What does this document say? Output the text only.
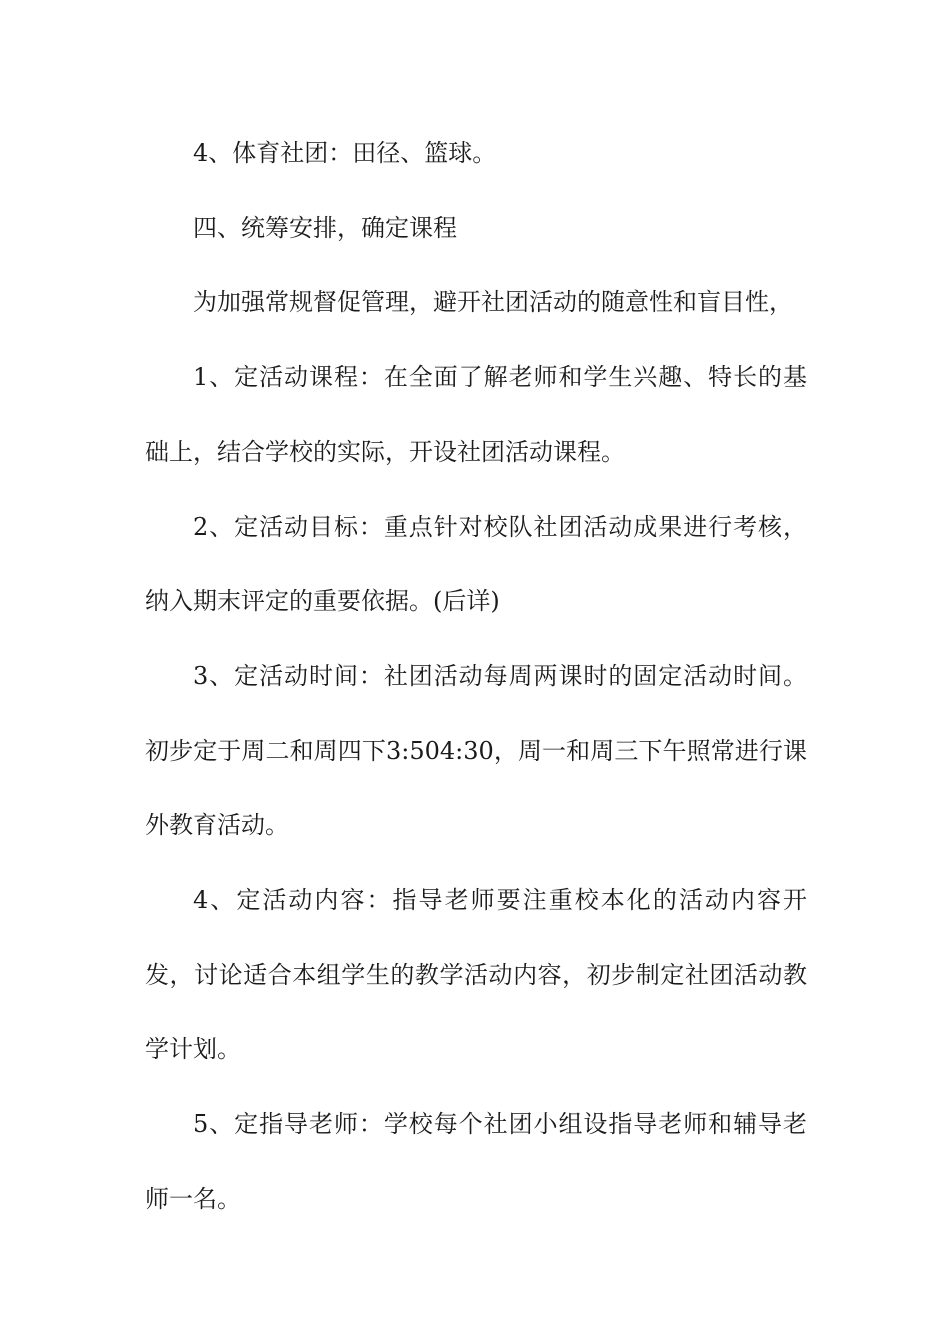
4、体育社团：田径、篮球。

四、统筹安排，确定课程

为加强常规督促管理，避开社团活动的随意性和盲目性，

1、定活动课程：在全面了解老师和学生兴趣、特长的基础上，结合学校的实际，开设社团活动课程。

2、定活动目标：重点针对校队社团活动成果进行考核，纳入期末评定的重要依据。(后详)

3、定活动时间：社团活动每周两课时的固定活动时间。初步定于周二和周四下3:504:30，周一和周三下午照常进行课外教育活动。

4、定活动内容：指导老师要注重校本化的活动内容开发，讨论适合本组学生的教学活动内容，初步制定社团活动教学计划。

5、定指导老师：学校每个社团小组设指导老师和辅导老师一名。
